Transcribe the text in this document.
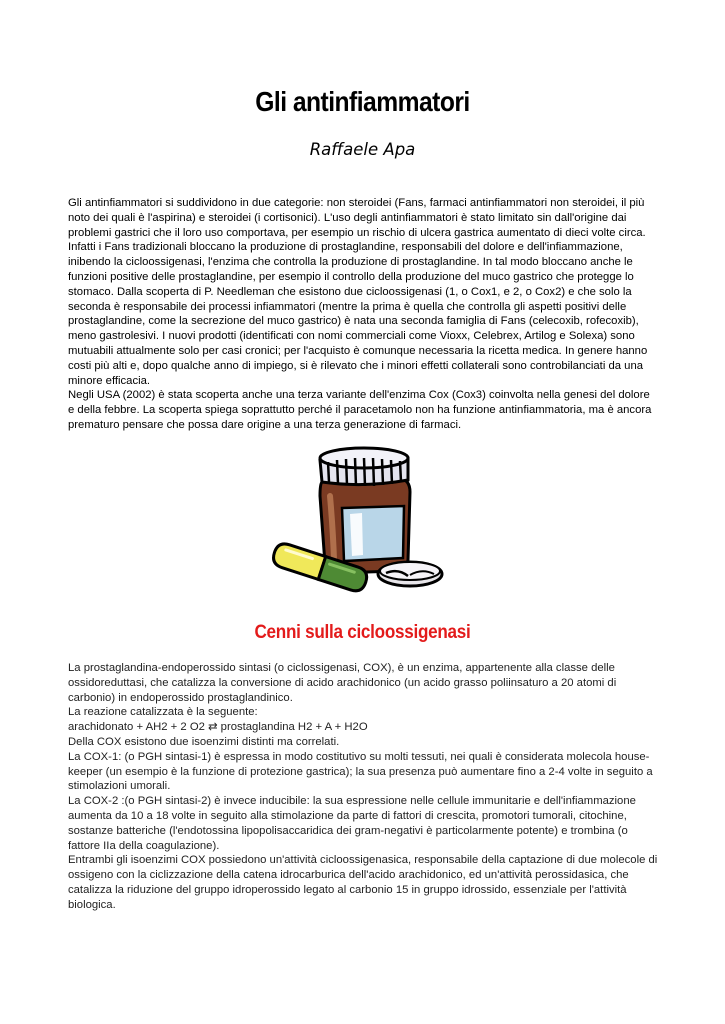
Gli antinfiammatori
Raffaele Apa

Gli antinfiammatori si suddividono in due categorie: non steroidei (Fans, farmaci antinfiammatori non steroidei, il più noto dei quali è l'aspirina) e steroidei (i cortisonici). L'uso degli antinfiammatori è stato limitato sin dall'origine dai problemi gastrici che il loro uso comportava, per esempio un rischio di ulcera gastrica aumentato di dieci volte circa. Infatti i Fans tradizionali bloccano la produzione di prostaglandine, responsabili del dolore e dell'infiammazione, inibendo la cicloossigenasi, l'enzima che controlla la produzione di prostaglandine. In tal modo bloccano anche le funzioni positive delle prostaglandine, per esempio il controllo della produzione del muco gastrico che protegge lo stomaco. Dalla scoperta di P. Needleman che esistono due cicloossigenasi (1, o Cox1, e 2, o Cox2) e che solo la seconda è responsabile dei processi infiammatori (mentre la prima è quella che controlla gli aspetti positivi delle prostaglandine, come la secrezione del muco gastrico) è nata una seconda famiglia di Fans (celecoxib, rofecoxib), meno gastrolesivi. I nuovi prodotti (identificati con nomi commerciali come Vioxx, Celebrex, Artilog e Solexa) sono mutuabili attualmente solo per casi cronici; per l'acquisto è comunque necessaria la ricetta medica. In genere hanno costi più alti e, dopo qualche anno di impiego, si è rilevato che i minori effetti collaterali sono controbilanciati da una minore efficacia.

Negli USA (2002) è stata scoperta anche una terza variante dell'enzima Cox (Cox3) coinvolta nella genesi del dolore e della febbre. La scoperta spiega soprattutto perché il paracetamolo non ha funzione antinfiammatoria, ma è ancora prematuro pensare che possa dare origine a una terza generazione di farmaci.

Cenni sulla cicloossigenasi

La prostaglandina-endoperossido sintasi (o ciclossigenasi, COX), è un enzima, appartenente alla classe delle ossidoreduttasi, che catalizza la conversione di acido arachidonico (un acido grasso poliinsaturo a 20 atomi di carbonio) in endoperossido prostaglandinico.

La reazione catalizzata è la seguente:

arachidonato + AH2 + 2 O2 ⇄ prostaglandina H2 + A + H2O

Della COX esistono due isoenzimi distinti ma correlati.

La COX-1: (o PGH sintasi-1) è espressa in modo costitutivo su molti tessuti, nei quali è considerata molecola house-keeper (un esempio è la funzione di protezione gastrica); la sua presenza può aumentare fino a 2-4 volte in seguito a stimolazioni umorali.

La COX-2 :(o PGH sintasi-2) è invece inducibile: la sua espressione nelle cellule immunitarie e dell'infiammazione aumenta da 10 a 18 volte in seguito alla stimolazione da parte di fattori di crescita, promotori tumorali, citochine, sostanze batteriche (l'endotossina lipopolisaccaridica dei gram-negativi è particolarmente potente) e trombina (o fattore IIa della coagulazione).

Entrambi gli isoenzimi COX possiedono un'attività cicloossigenasica, responsabile della captazione di due molecole di ossigeno con la ciclizzazione della catena idrocarburica dell'acido arachidonico, ed un'attività perossidasica, che catalizza la riduzione del gruppo idroperossido legato al carbonio 15 in gruppo idrossido, essenziale per l'attività biologica.
